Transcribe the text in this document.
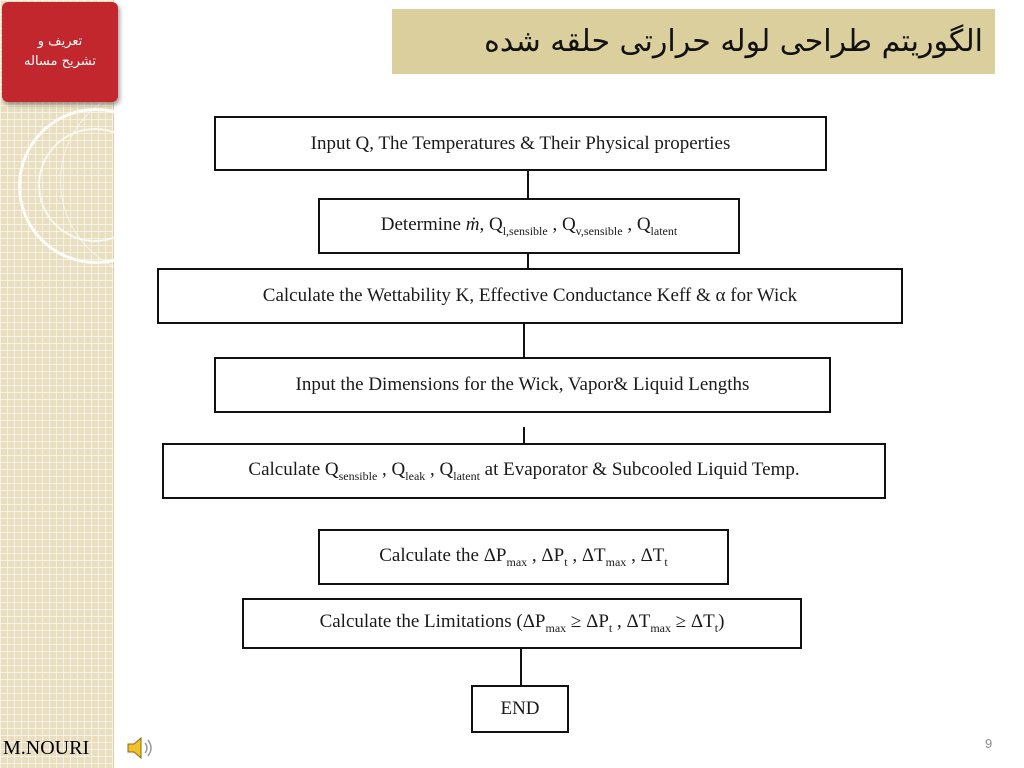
تعریف و
تشریح مساله
الگوریتم طراحی لوله حرارتی حلقه شده
Input Q, The Temperatures & Their Physical properties
Determine ṁ, $Q_{l,sensible}$ , $Q_{v,sensible}$ , $Q_{latent}$
Calculate the Wettability K, Effective Conductance Keff & α for Wick
Input the Dimensions for the Wick, Vapor& Liquid Lengths
Calculate $Q_{sensible}$ , $Q_{leak}$ , $Q_{latent}$ at Evaporator & Subcooled Liquid Temp.
Calculate the $\Delta P_{max}$ , $\Delta P_t$ , $\Delta T_{max}$ , $\Delta T_t$
Calculate the Limitations ($\Delta P_{max} \ge \Delta P_t$ , $\Delta T_{max} \ge \Delta T_t$)
END
M.NOURI	9
